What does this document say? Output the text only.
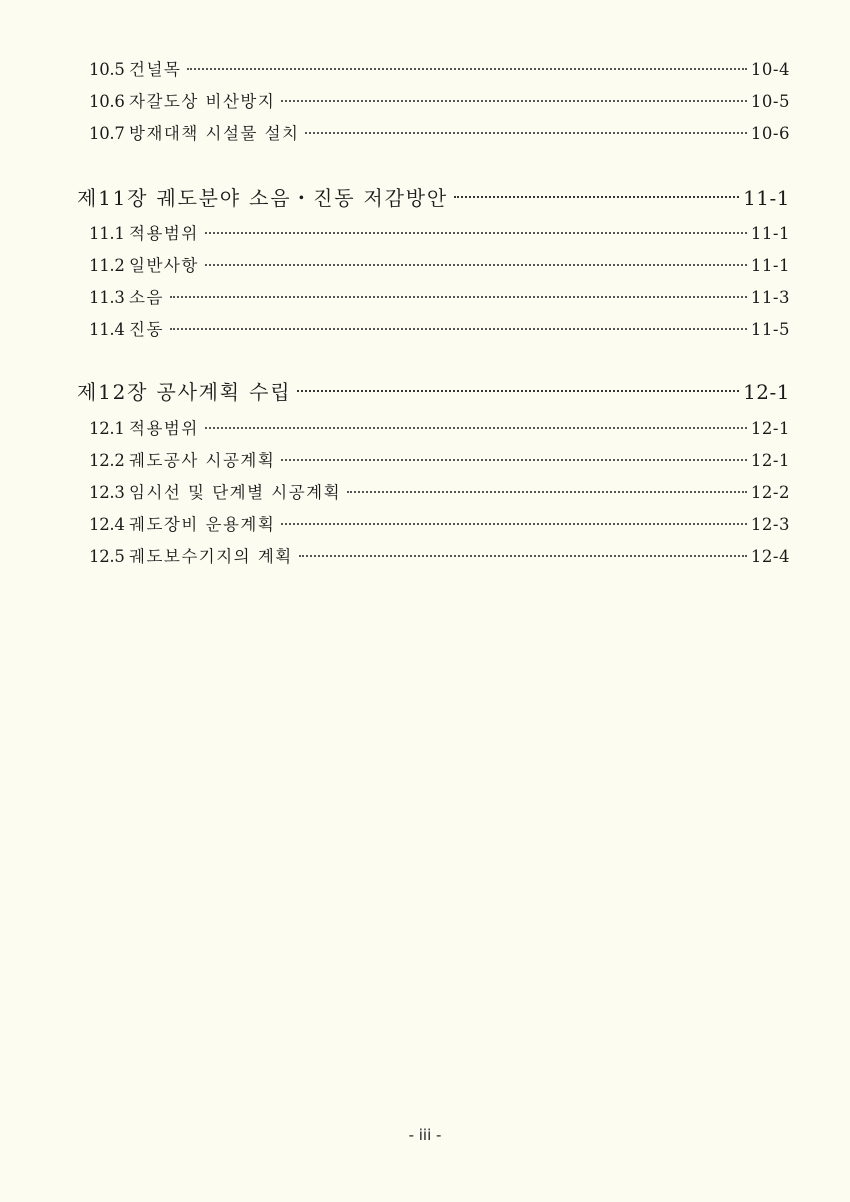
10.5 건널목	10-4
10.6 자갈도상 비산방지	10-5
10.7 방재대책 시설물 설치	10-6
제11장 궤도분야 소음・진동 저감방안	11-1
11.1 적용범위	11-1
11.2 일반사항	11-1
11.3 소음	11-3
11.4 진동	11-5
제12장 공사계획 수립	12-1
12.1 적용범위	12-1
12.2 궤도공사 시공계획	12-1
12.3 임시선 및 단계별 시공계획	12-2
12.4 궤도장비 운용계획	12-3
12.5 궤도보수기지의 계획	12-4
- iii -
